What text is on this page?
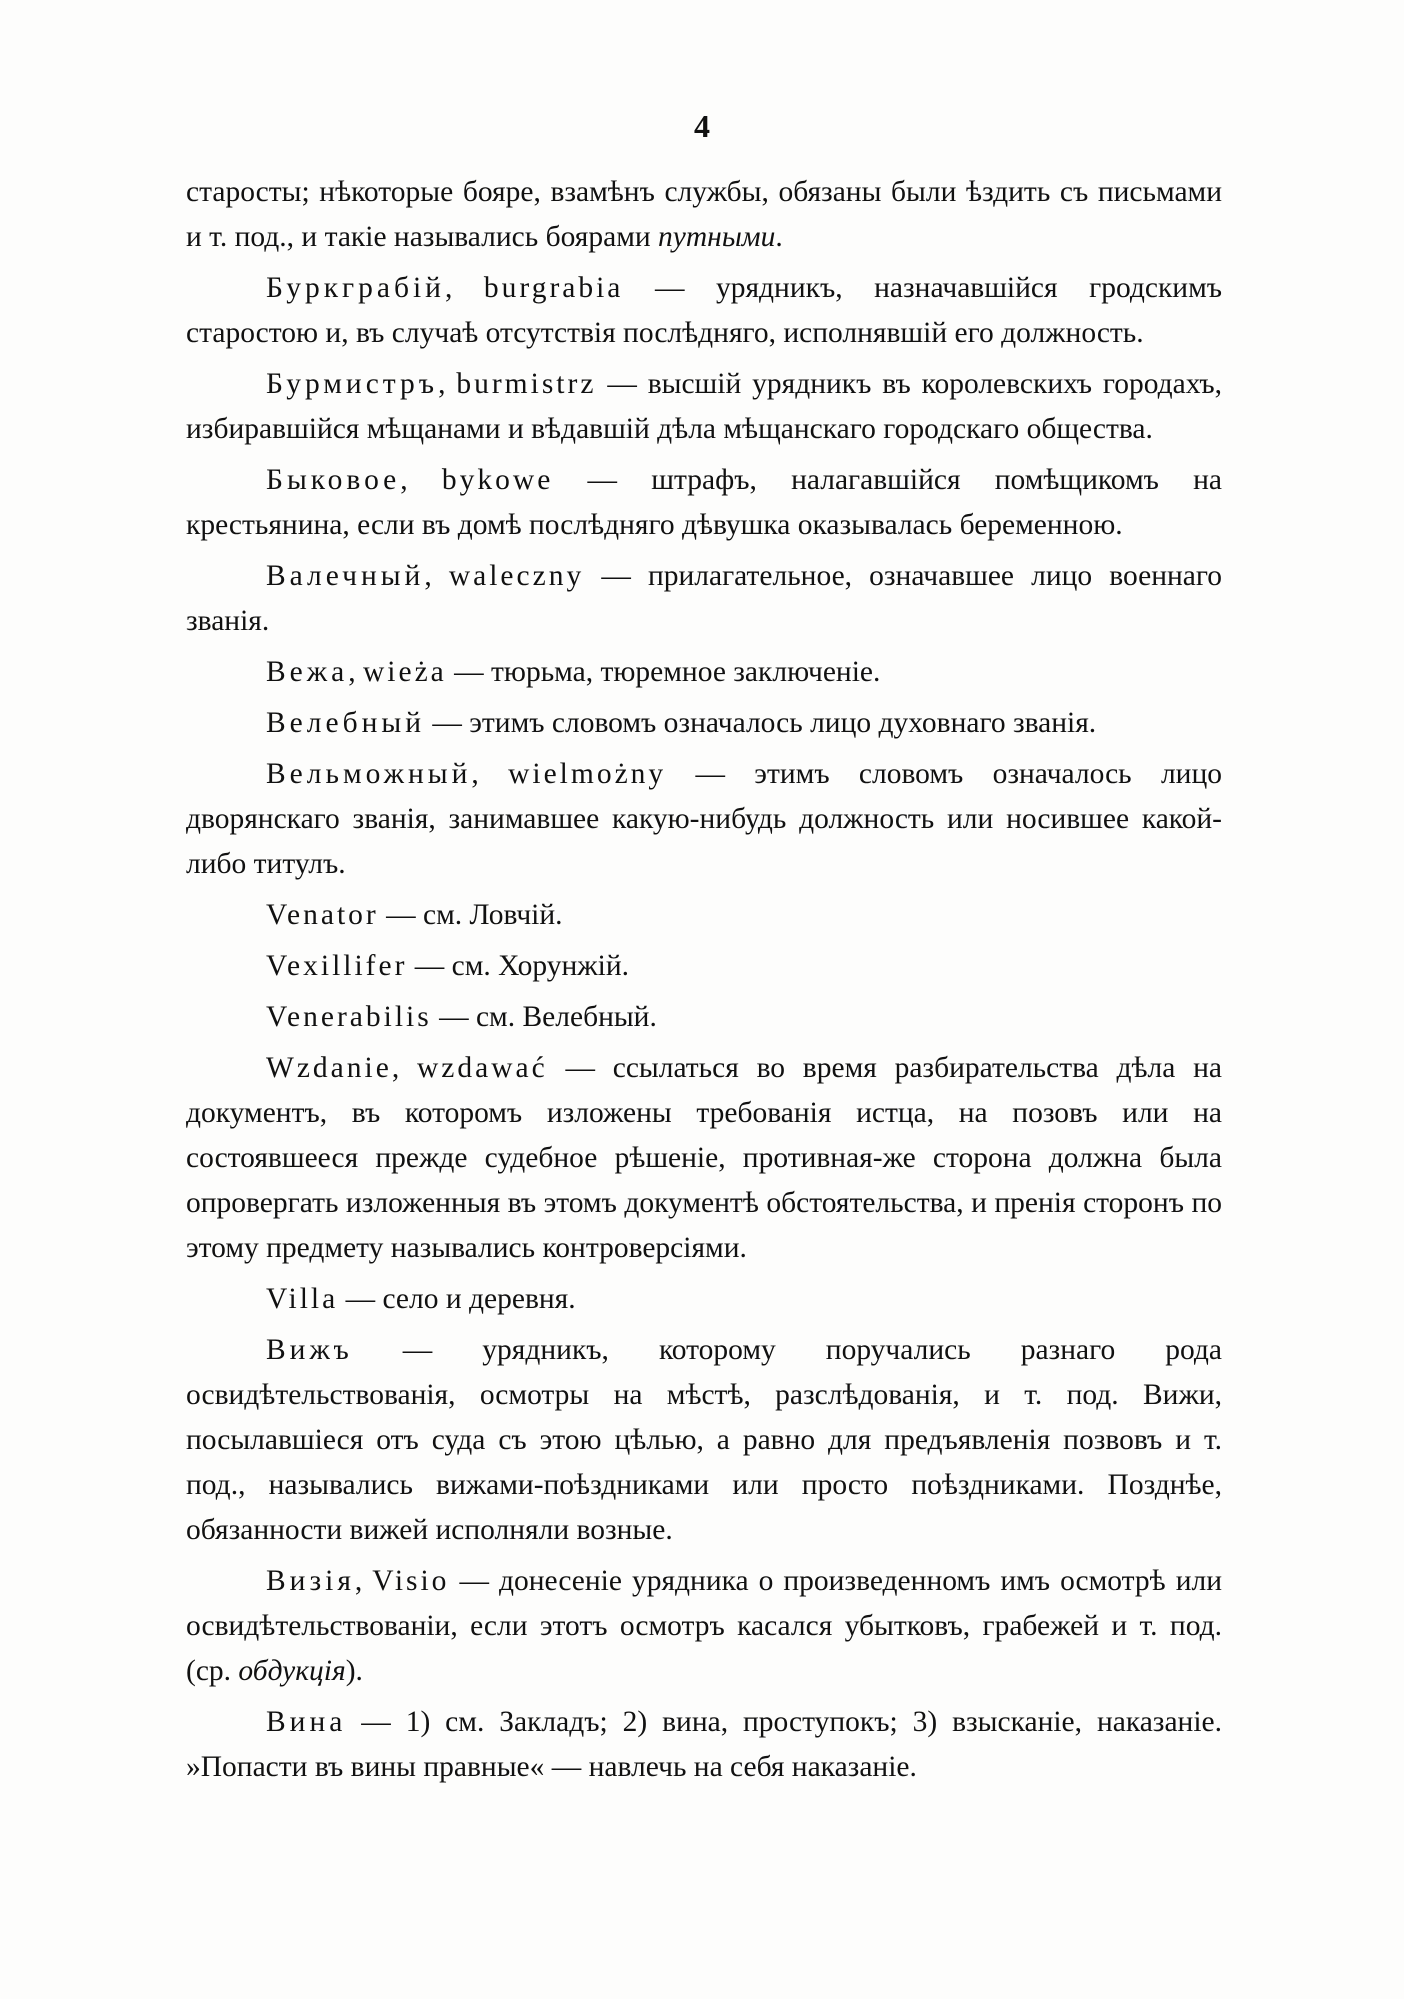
4

старосты; нѣкоторые бояре, взамѣнъ службы, обязаны были ѣздить съ письмами и т. под., и такіе назывались боярами путными.

Буркграбій, burgrabia — урядникъ, назначавшійся гродскимъ старостою и, въ случаѣ отсутствія послѣдняго, исполнявшій его должность.

Бурмистръ, burmistrz — высшій урядникъ въ королевскихъ городахъ, избиравшійся мѣщанами и вѣдавшій дѣла мѣщанскаго городскаго общества.

Быковое, bykowe — штрафъ, налагавшійся помѣщикомъ на крестьянина, если въ домѣ послѣдняго дѣвушка оказывалась беременною.

Валечный, waleczny — прилагательное, означавшее лицо военнаго званія.

Вежа, wieża — тюрьма, тюремное заключеніе.

Велебный — этимъ словомъ означалось лицо духовнаго званія.

Вельможный, wielmożny — этимъ словомъ означалось лицо дворянскаго званія, занимавшее какую-нибудь должность или носившее какой-либо титулъ.

Venator — см. Ловчій.

Vexillifer — см. Хорунжій.

Venerabilis — см. Велебный.

Wzdanie, wzdawać — ссылаться во время разбирательства дѣла на документъ, въ которомъ изложены требованія истца, на позовъ или на состоявшееся прежде судебное рѣшеніе, противная-же сторона должна была опровергать изложенныя въ этомъ документѣ обстоятельства, и пренія сторонъ по этому предмету назывались контроверсіями.

Villa — село и деревня.

Вижъ — урядникъ, которому поручались разнаго рода освидѣтельствованія, осмотры на мѣстѣ, разслѣдованія, и т. под. Вижи, посылавшіеся отъ суда съ этою цѣлью, а равно для предъявленія позвовъ и т. под., назывались вижами-поѣздниками или просто поѣздниками. Позднѣе, обязанности вижей исполняли возные.

Визія, Visio — донесеніе урядника о произведенномъ имъ осмотрѣ или освидѣтельствованіи, если этотъ осмотръ касался убытковъ, грабежей и т. под. (ср. обдукція).

Вина — 1) см. Закладъ; 2) вина, проступокъ; 3) взысканіе, наказаніе. »Попасти въ вины правные« — навлечь на себя наказаніе.
